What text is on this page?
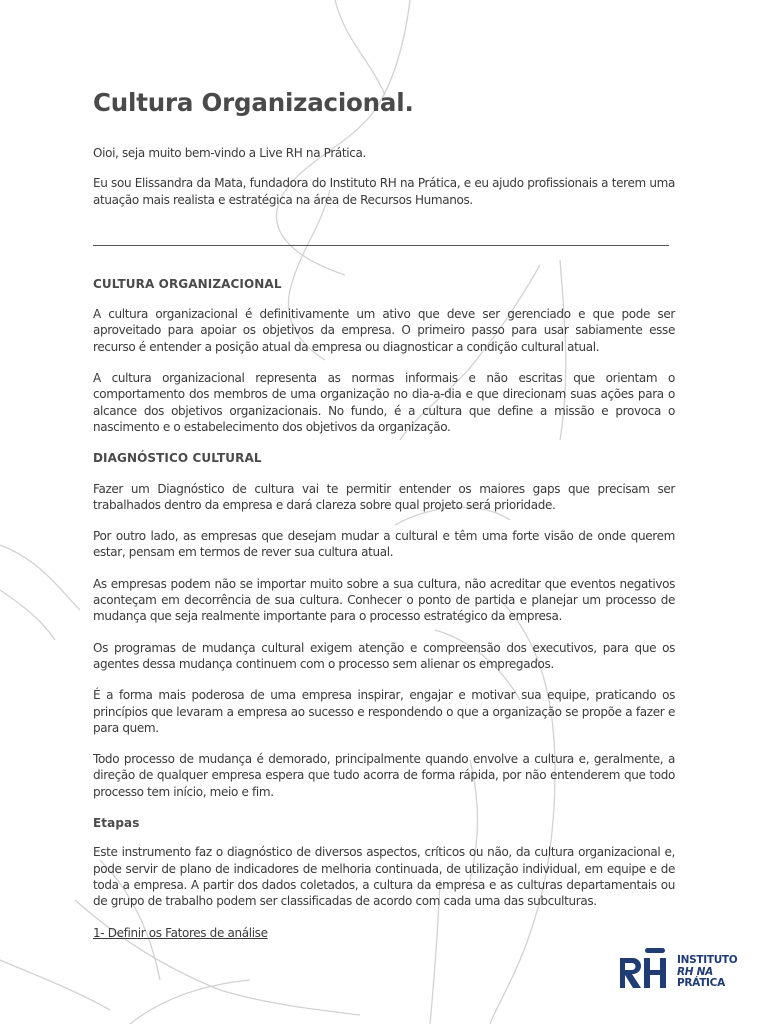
Cultura Organizacional.

Oioi, seja muito bem-vindo a Live RH na Prática.

Eu sou Elissandra da Mata, fundadora do Instituto RH na Prática, e eu ajudo profissionais a terem uma atuação mais realista e estratégica na área de Recursos Humanos.

CULTURA ORGANIZACIONAL

A cultura organizacional é definitivamente um ativo que deve ser gerenciado e que pode ser aproveitado para apoiar os objetivos da empresa. O primeiro passo para usar sabiamente esse recurso é entender a posição atual da empresa ou diagnosticar a condição cultural atual.

A cultura organizacional representa as normas informais e não escritas que orientam o comportamento dos membros de uma organização no dia-a-dia e que direcionam suas ações para o alcance dos objetivos organizacionais. No fundo, é a cultura que define a missão e provoca o nascimento e o estabelecimento dos objetivos da organização.

DIAGNÓSTICO CULTURAL

Fazer um Diagnóstico de cultura vai te permitir entender os maiores gaps que precisam ser trabalhados dentro da empresa e dará clareza sobre qual projeto será prioridade.

Por outro lado, as empresas que desejam mudar a cultural e têm uma forte visão de onde querem estar, pensam em termos de rever sua cultura atual.

As empresas podem não se importar muito sobre a sua cultura, não acreditar que eventos negativos aconteçam em decorrência de sua cultura. Conhecer o ponto de partida e planejar um processo de mudança que seja realmente importante para o processo estratégico da empresa.

Os programas de mudança cultural exigem atenção e compreensão dos executivos, para que os agentes dessa mudança continuem com o processo sem alienar os empregados.

É a forma mais poderosa de uma empresa inspirar, engajar e motivar sua equipe, praticando os princípios que levaram a empresa ao sucesso e respondendo o que a organização se propõe a fazer e para quem.

Todo processo de mudança é demorado, principalmente quando envolve a cultura e, geralmente, a direção de qualquer empresa espera que tudo acorra de forma rápida, por não entenderem que todo processo tem início, meio e fim.

Etapas

Este instrumento faz o diagnóstico de diversos aspectos, críticos ou não, da cultura organizacional e, pode servir de plano de indicadores de melhoria continuada, de utilização individual, em equipe e de toda a empresa. A partir dos dados coletados, a cultura da empresa e as culturas departamentais ou de grupo de trabalho podem ser classificadas de acordo com cada uma das subculturas.

1- Definir os Fatores de análise
INSTITUTO
RH NA
PRÁTICA
